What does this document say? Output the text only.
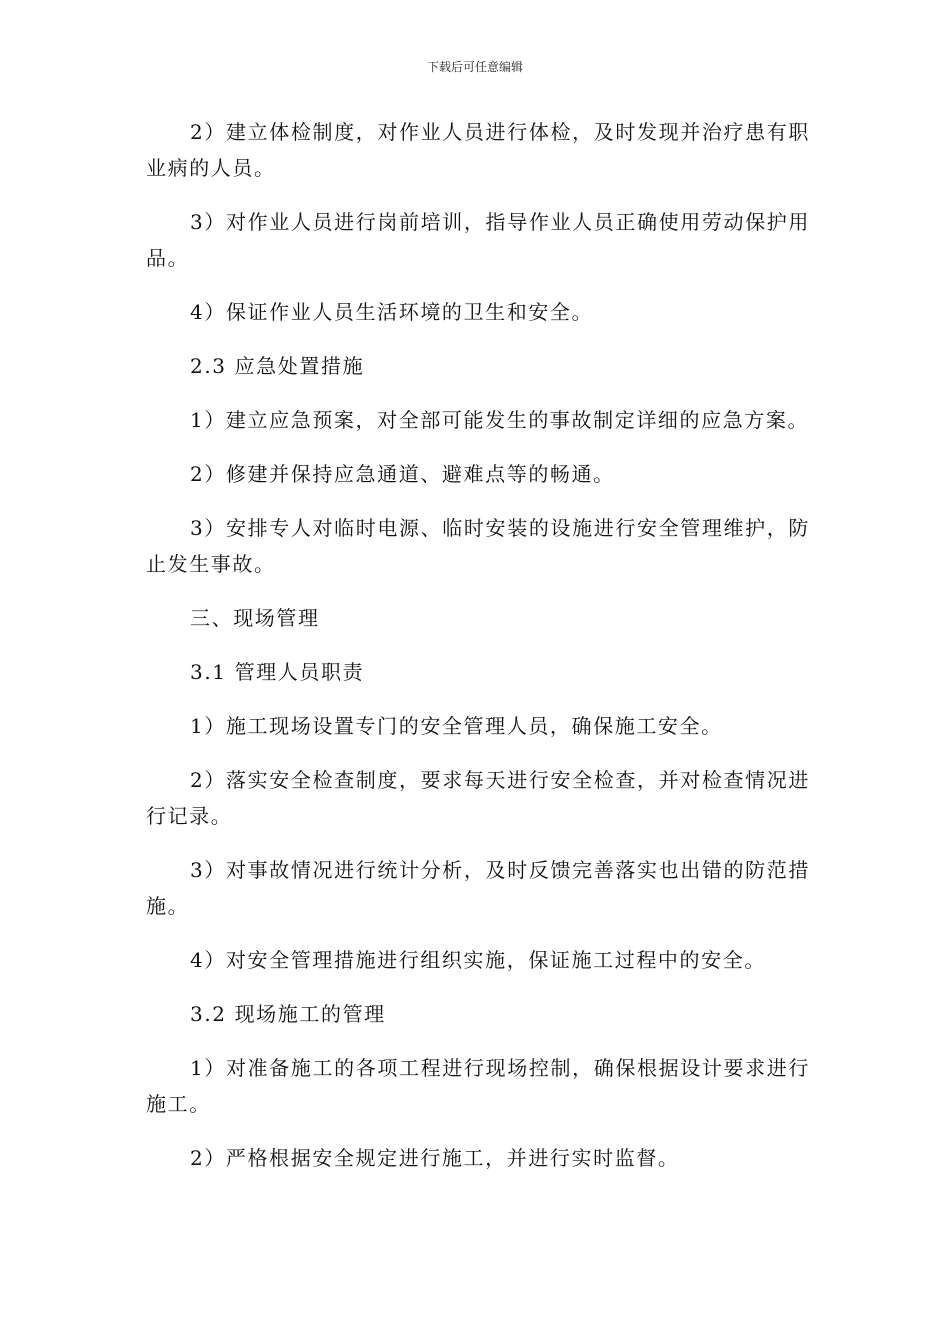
下载后可任意编辑

2）建立体检制度，对作业人员进行体检，及时发现并治疗患有职业病的人员。

3）对作业人员进行岗前培训，指导作业人员正确使用劳动保护用品。

4）保证作业人员生活环境的卫生和安全。

2.3 应急处置措施

1）建立应急预案，对全部可能发生的事故制定详细的应急方案。

2）修建并保持应急通道、避难点等的畅通。

3）安排专人对临时电源、临时安装的设施进行安全管理维护，防止发生事故。

三、现场管理

3.1 管理人员职责

1）施工现场设置专门的安全管理人员，确保施工安全。

2）落实安全检查制度，要求每天进行安全检查，并对检查情况进行记录。

3）对事故情况进行统计分析，及时反馈完善落实也出错的防范措施。

4）对安全管理措施进行组织实施，保证施工过程中的安全。

3.2 现场施工的管理

1）对准备施工的各项工程进行现场控制，确保根据设计要求进行施工。

2）严格根据安全规定进行施工，并进行实时监督。
